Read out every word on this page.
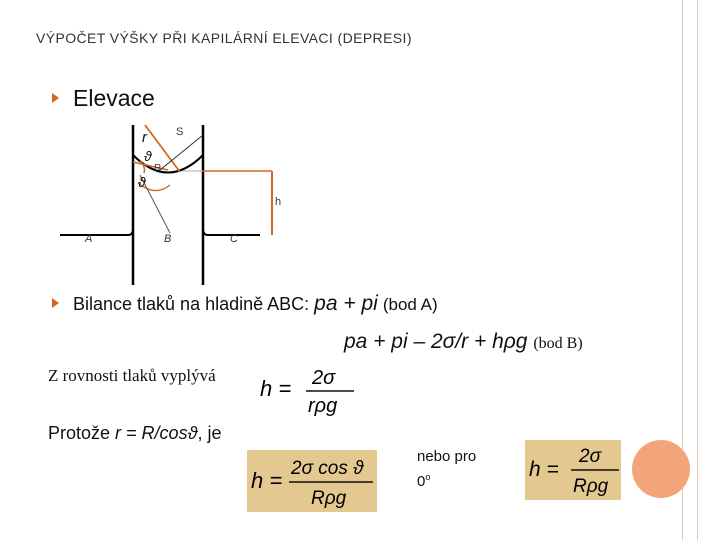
VÝPOČET VÝŠKY PŘI KAPILÁRNÍ ELEVACI (DEPRESI)
Elevace
r	S
ϑ
R
ϑ
h
A	B	C
Bilance tlaků na hladině ABC: pa + pi (bod A)
pa + pi – 2σ/r + hρg (bod B)
Z rovnosti tlaků vyplývá
h = 2σ
rρg
Protože r = R/cosϑ, je
h = 2σ cos ϑ
Rρg
nebo pro
0$^o$	h =
2σ
Rρg
